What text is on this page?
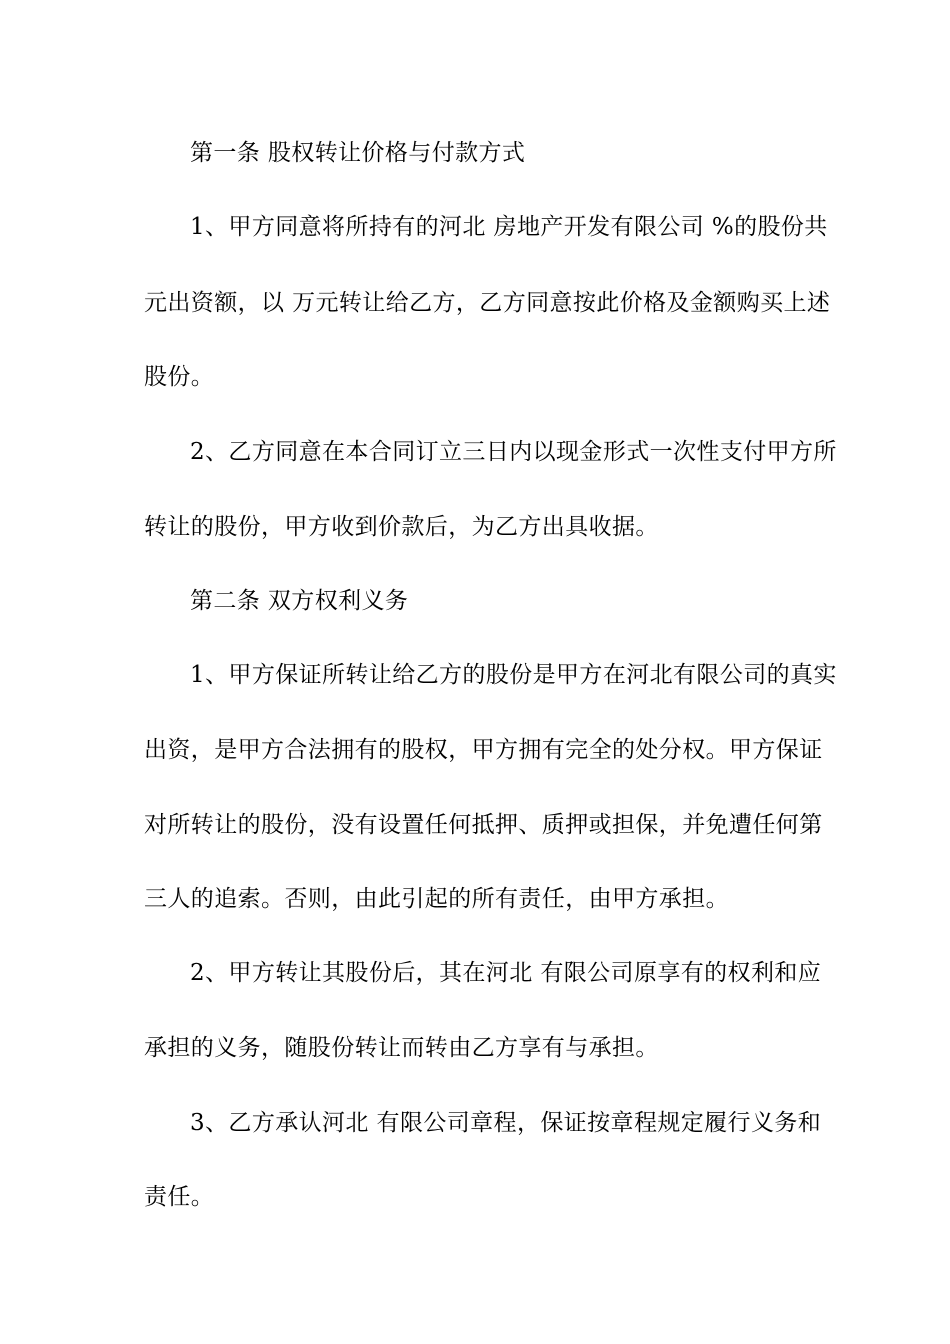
第一条 股权转让价格与付款方式
1、甲方同意将所持有的河北 房地产开发有限公司 %的股份共
元出资额，以 万元转让给乙方，乙方同意按此价格及金额购买上述
股份。
2、乙方同意在本合同订立三日内以现金形式一次性支付甲方所
转让的股份，甲方收到价款后，为乙方出具收据。
第二条 双方权利义务
1、甲方保证所转让给乙方的股份是甲方在河北有限公司的真实
出资，是甲方合法拥有的股权，甲方拥有完全的处分权。甲方保证
对所转让的股份，没有设置任何抵押、质押或担保，并免遭任何第
三人的追索。否则，由此引起的所有责任，由甲方承担。
2、甲方转让其股份后，其在河北 有限公司原享有的权利和应
承担的义务，随股份转让而转由乙方享有与承担。
3、乙方承认河北 有限公司章程，保证按章程规定履行义务和
责任。
